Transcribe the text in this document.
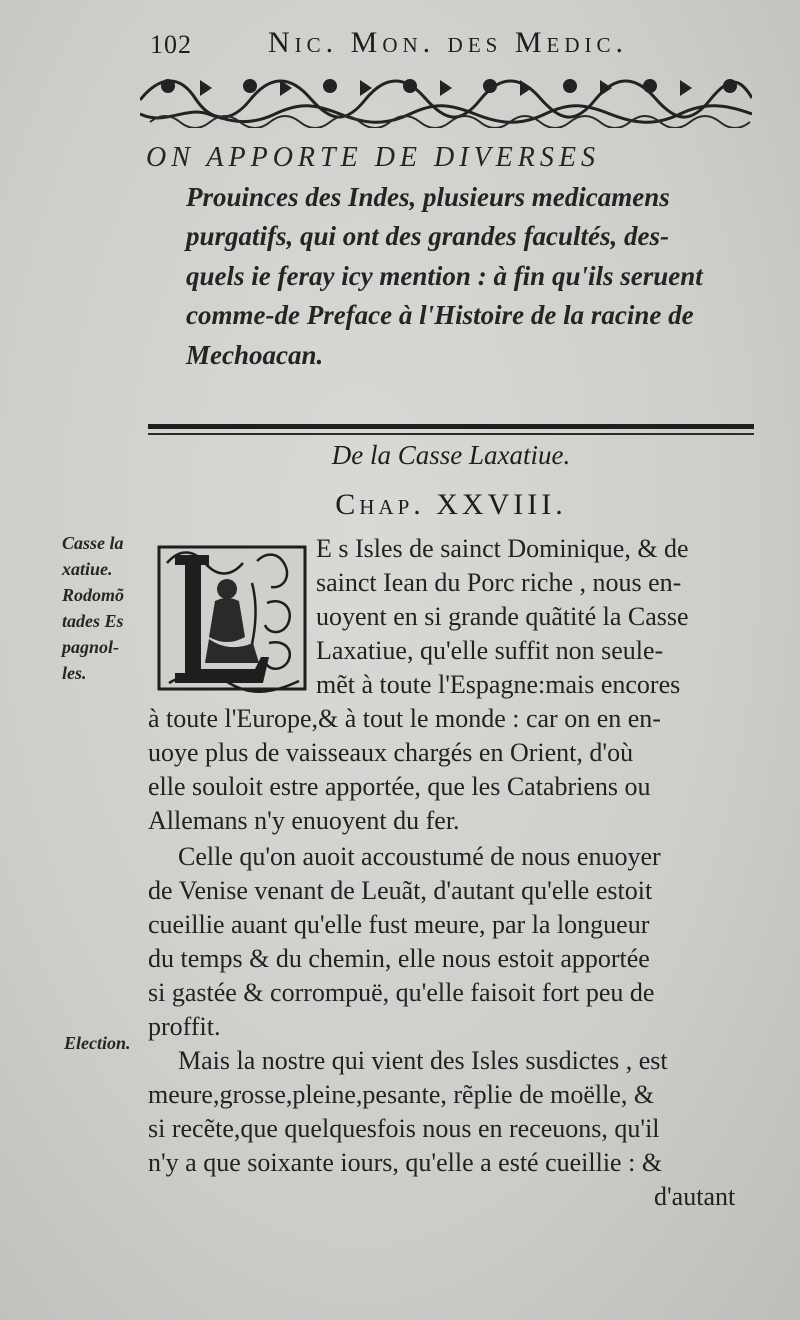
102	Nic. Mon. des Medic.
ON APPORTE DE DIVERSES
Prouinces des Indes, plusieurs medicamens
purgatifs, qui ont des grandes facultés, des-
quels ie feray icy mention : à fin qu'ils seruent
comme-de Preface à l'Histoire de la racine de
Mechoacan.
De la Casse Laxatiue.
Chap. XXVIII.
Casse la
xatiue.
Rodomõ
tades Es
pagnol-
les.
Election.
E s Isles de sainct Dominique, & de
sainct Iean du Porc riche , nous en-
uoyent en si grande quãtité la Casse
Laxatiue, qu'elle suffit non seule-
mẽt à toute l'Espagne:mais encores
à toute l'Europe,& à tout le monde : car on en en-
uoye plus de vaisseaux chargés en Orient, d'où
elle souloit estre apportée, que les Catabriens ou
Allemans n'y enuoyent du fer.
Celle qu'on auoit accoustumé de nous enuoyer
de Venise venant de Leuãt, d'autant qu'elle estoit
cueillie auant qu'elle fust meure, par la longueur
du temps & du chemin, elle nous estoit apportée
si gastée & corrompuë, qu'elle faisoit fort peu de
proffit.
Mais la nostre qui vient des Isles susdictes , est
meure,grosse,pleine,pesante, rẽplie de moëlle, &
si recẽte,que quelquesfois nous en receuons, qu'il
n'y a que soixante iours, qu'elle a esté cueillie : &
d'autant
